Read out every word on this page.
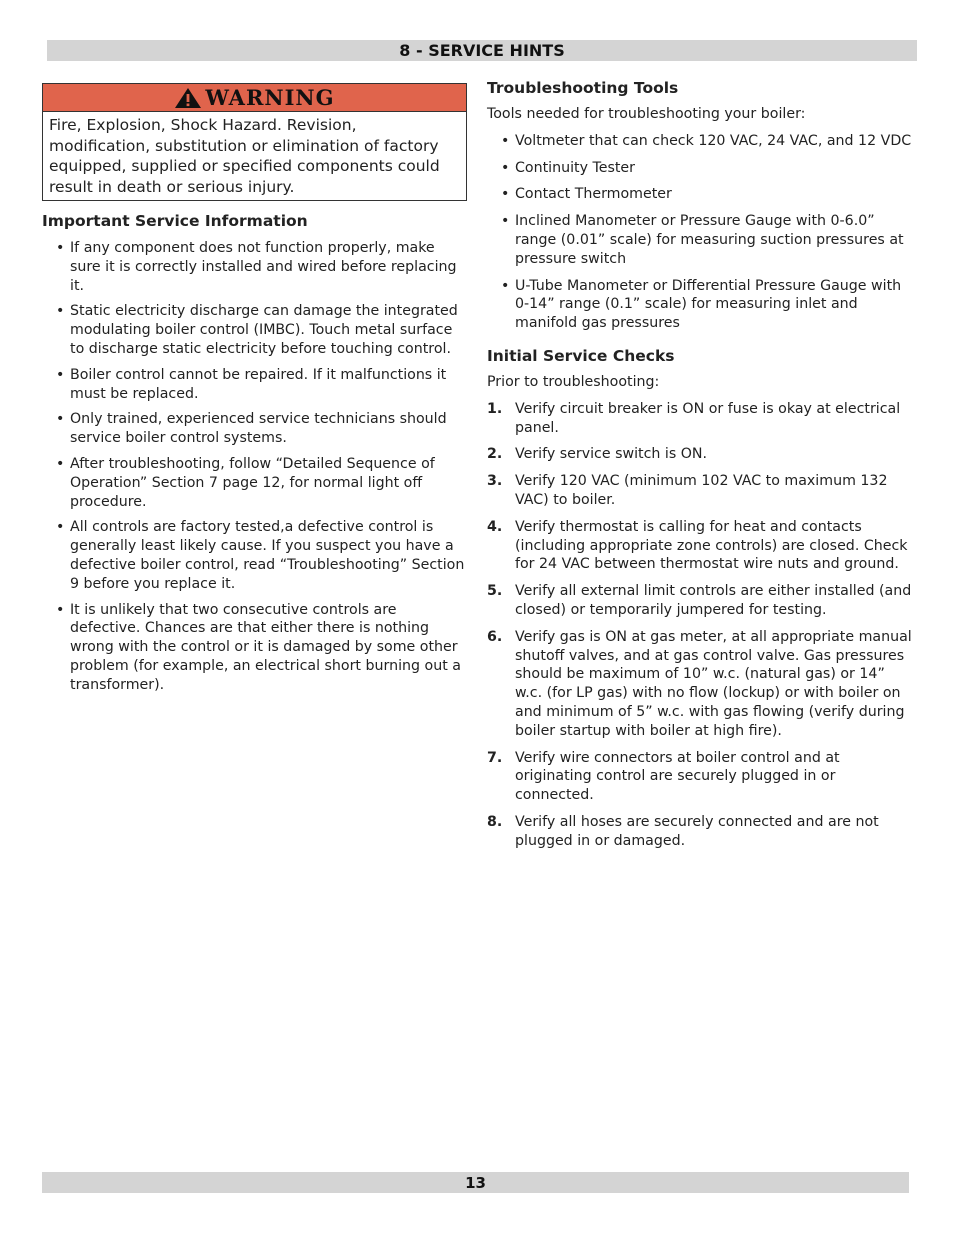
8 - SERVICE HINTS
WARNING
Fire, Explosion, Shock Hazard. Revision, modification, substitution or elimination of factory equipped, supplied or specified components could result in death or serious injury.
Important Service Information
• If any component does not function properly, make sure it is correctly installed and wired before replacing it.
• Static electricity discharge can damage the integrated modulating boiler control (IMBC). Touch metal surface to discharge static electricity before touching control.
• Boiler control cannot be repaired. If it malfunctions it must be replaced.
• Only trained, experienced service technicians should service boiler control systems.
• After troubleshooting, follow “Detailed Sequence of Operation” Section 7 page 12, for normal light off procedure.
• All controls are factory tested,a defective control is generally least likely cause. If you suspect you have a defective boiler control, read “Troubleshooting” Section 9 before you replace it.
• It is unlikely that two consecutive controls are defective. Chances are that either there is nothing wrong with the control or it is damaged by some other problem (for example, an electrical short burning out a transformer).
Troubleshooting Tools

Tools needed for troubleshooting your boiler:

• Voltmeter that can check 120 VAC, 24 VAC, and 12 VDC
• Continuity Tester
• Contact Thermometer
• Inclined Manometer or Pressure Gauge with 0-6.0” range (0.01” scale) for measuring suction pressures at pressure switch
• U-Tube Manometer or Differential Pressure Gauge with 0-14” range (0.1” scale) for measuring inlet and manifold gas pressures
Initial Service Checks

Prior to troubleshooting:

1. Verify circuit breaker is ON or fuse is okay at electrical panel.
2. Verify service switch is ON.
3. Verify 120 VAC (minimum 102 VAC to maximum 132 VAC) to boiler.
4. Verify thermostat is calling for heat and contacts (including appropriate zone controls) are closed. Check for 24 VAC between thermostat wire nuts and ground.
5. Verify all external limit controls are either installed (and closed) or temporarily jumpered for testing.
6. Verify gas is ON at gas meter, at all appropriate manual shutoff valves, and at gas control valve. Gas pressures should be maximum of 10” w.c. (natural gas) or 14” w.c. (for LP gas) with no flow (lockup) or with boiler on and minimum of 5” w.c. with gas flowing (verify during boiler startup with boiler at high fire).
7. Verify wire connectors at boiler control and at originating control are securely plugged in or connected.
8. Verify all hoses are securely connected and are not plugged in or damaged.
13
